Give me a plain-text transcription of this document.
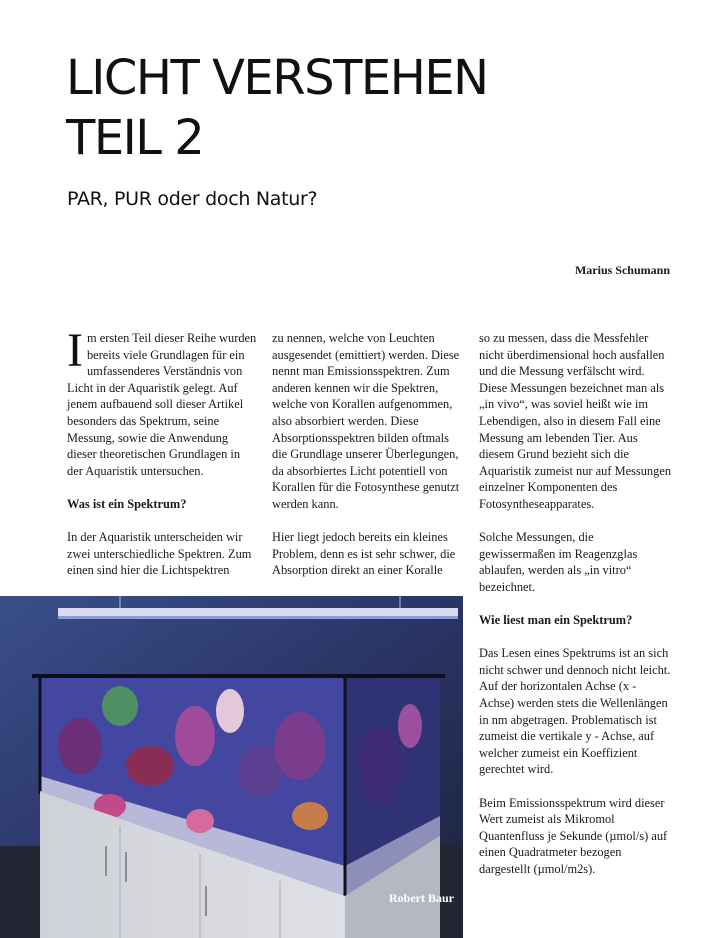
LICHT VERSTEHEN
TEIL 2
PAR, PUR oder doch Natur?
Marius Schumann

Im ersten Teil dieser Reihe wurden bereits viele Grundlagen für ein umfassenderes Verständnis von Licht in der Aquaristik gelegt. Auf jenem aufbauend soll dieser Artikel besonders das Spektrum, seine Messung, sowie die Anwendung dieser theoretischen Grundlagen in der Aquaristik untersuchen.

Was ist ein Spektrum?

In der Aquaristik unterscheiden wir zwei unterschiedliche Spektren. Zum einen sind hier die Lichtspektren

zu nennen, welche von Leuchten ausgesendet (emittiert) werden. Diese nennt man Emissionsspektren. Zum anderen kennen wir die Spektren, welche von Korallen aufgenommen, also absorbiert werden. Diese Absorptionsspektren bilden oftmals die Grundlage unserer Überlegungen, da absorbiertes Licht potentiell von Korallen für die Fotosynthese genutzt werden kann.

Hier liegt jedoch bereits ein kleines Problem, denn es ist sehr schwer, die Absorption direkt an einer Koralle

so zu messen, dass die Messfehler nicht überdimensional hoch ausfallen und die Messung verfälscht wird. Diese Messungen bezeichnet man als „in vivo“, was soviel heißt wie im Lebendigen, also in diesem Fall eine Messung am lebenden Tier. Aus diesem Grund bezieht sich die Aquaristik zumeist nur auf Messungen einzelner Komponenten des Fotosyntheseapparates.

Solche Messungen, die gewissermaßen im Reagenzglas ablaufen, werden als „in vitro“ bezeichnet.

Wie liest man ein Spektrum?

Das Lesen eines Spektrums ist an sich nicht schwer und dennoch nicht leicht. Auf der horizontalen Achse (x - Achse) werden stets die Wellenlängen in nm abgetragen. Problematisch ist zumeist die vertikale y - Achse, auf welcher zumeist ein Koeffizient gerechtet wird.

Beim Emissionsspektrum wird dieser Wert zumeist als Mikromol Quantenfluss je Sekunde (µmol/s) auf einen Quadratmeter bezogen dargestellt (µmol/m2s).

Robert Baur
